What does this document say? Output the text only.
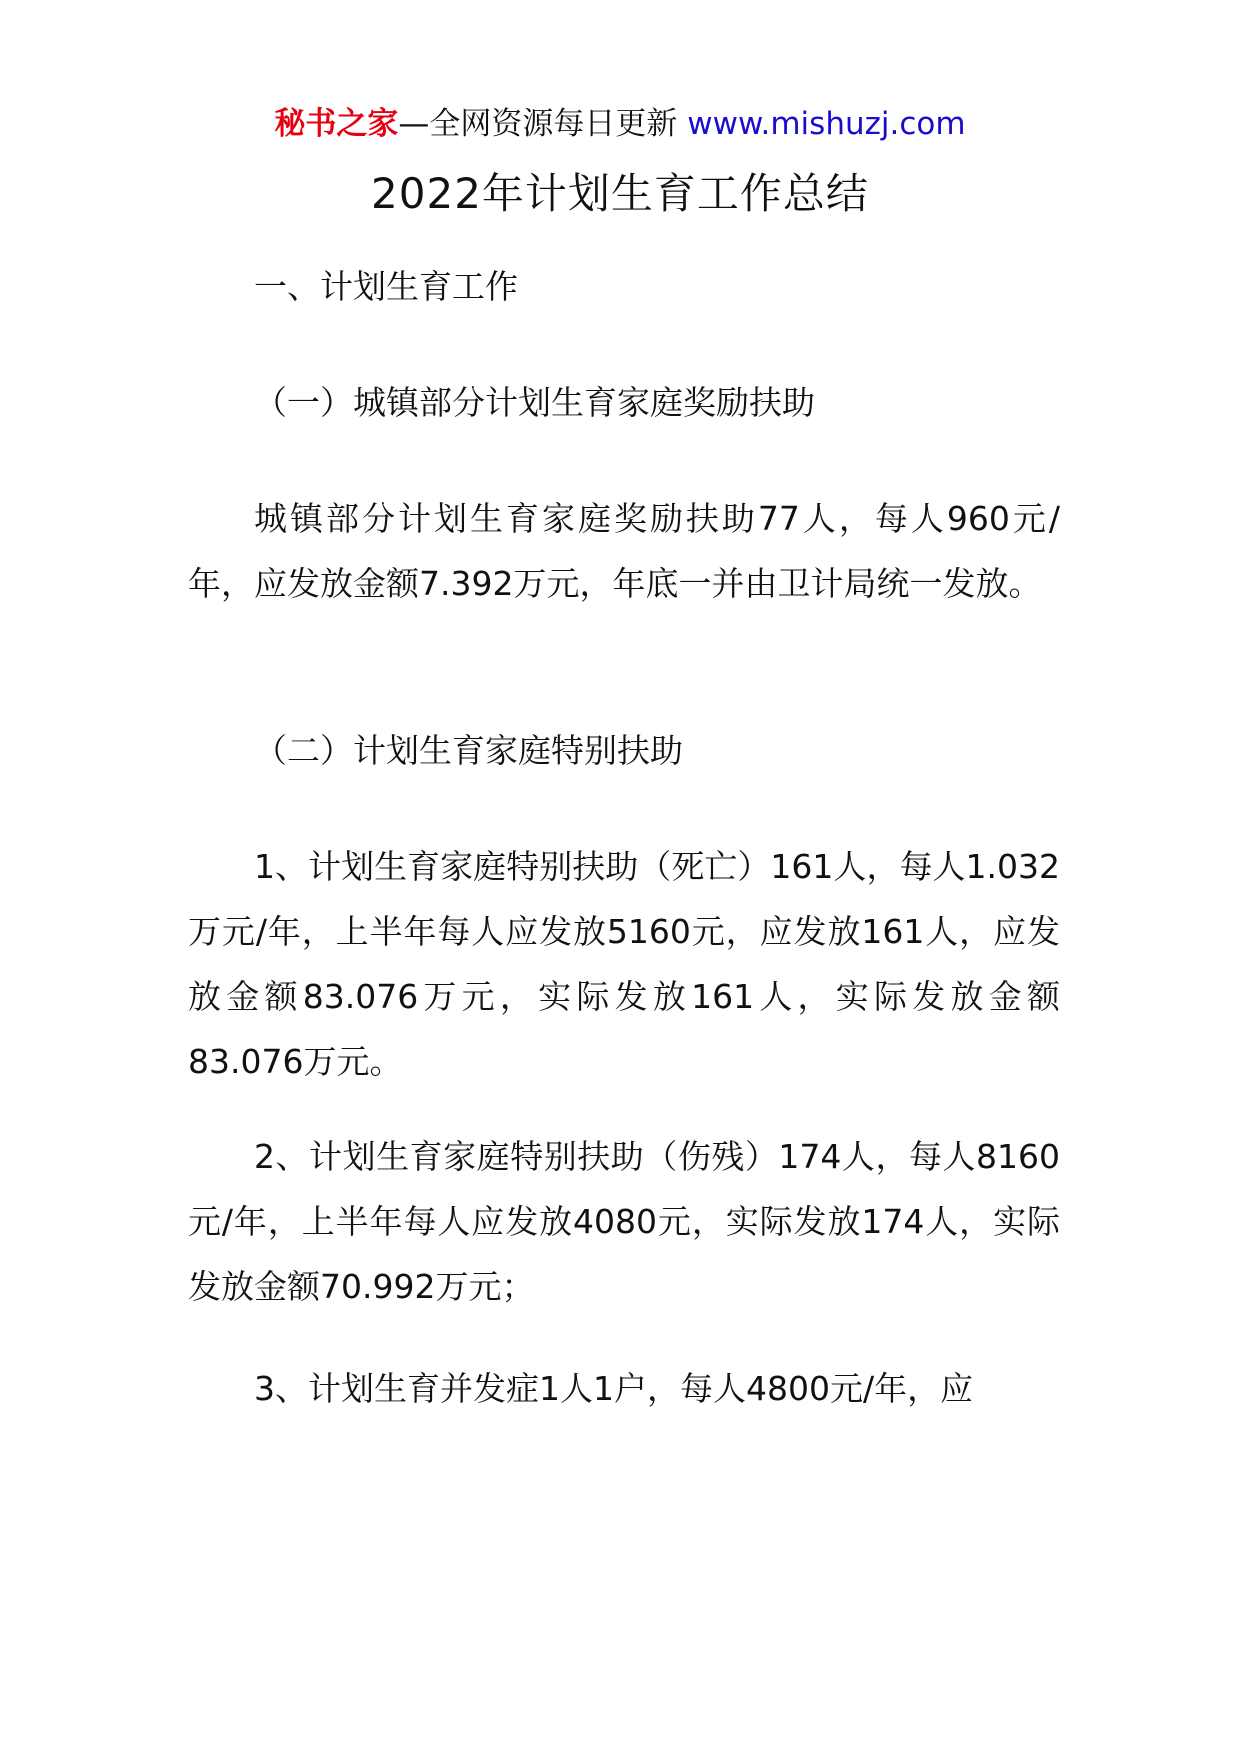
秘书之家—全网资源每日更新 www.mishuzj.com
2022年计划生育工作总结
一、计划生育工作
（一）城镇部分计划生育家庭奖励扶助
城镇部分计划生育家庭奖励扶助77人，每人960元/年，应发放金额7.392万元，年底一并由卫计局统一发放。
（二）计划生育家庭特别扶助
1、计划生育家庭特别扶助（死亡）161人，每人1.032万元/年，上半年每人应发放5160元，应发放161人，应发放金额83.076万元，实际发放161人，实际发放金额83.076万元。
2、计划生育家庭特别扶助（伤残）174人，每人8160元/年，上半年每人应发放4080元，实际发放174人，实际发放金额70.992万元；
3、计划生育并发症1人1户，每人4800元/年，应
